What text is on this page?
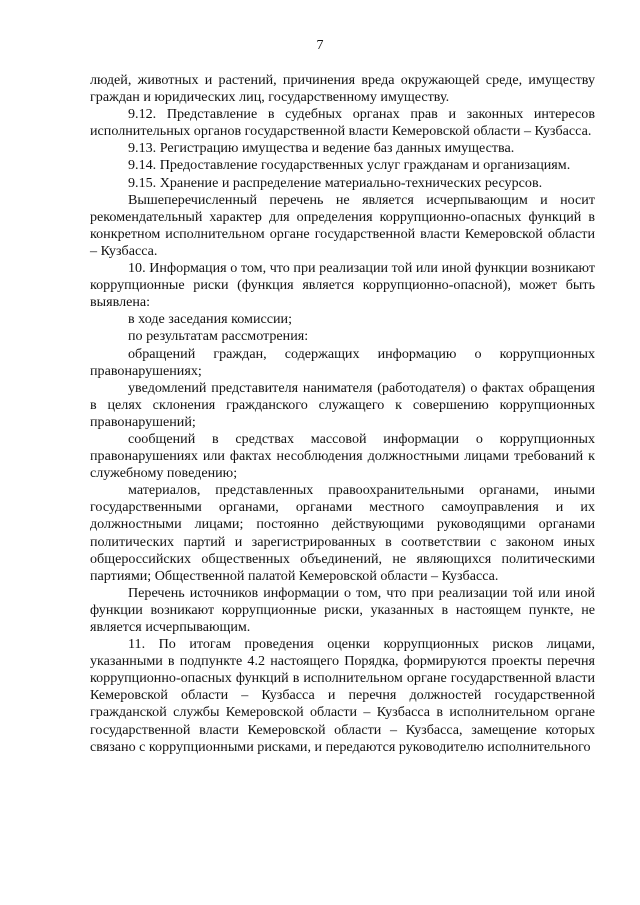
7

людей, животных и растений, причинения вреда окружающей среде, имуществу граждан и юридических лиц, государственному имуществу.

9.12. Представление в судебных органах прав и законных интересов исполнительных органов государственной власти Кемеровской области – Кузбасса.

9.13. Регистрацию имущества и ведение баз данных имущества.

9.14. Предоставление государственных услуг гражданам и организациям.

9.15. Хранение и распределение материально-технических ресурсов.

Вышеперечисленный перечень не является исчерпывающим и носит рекомендательный характер для определения коррупционно-опасных функций в конкретном исполнительном органе государственной власти Кемеровской области – Кузбасса.

10. Информация о том, что при реализации той или иной функции возникают коррупционные риски (функция является коррупционно-опасной), может быть выявлена:

в ходе заседания комиссии;

по результатам рассмотрения:

обращений граждан, содержащих информацию о коррупционных правонарушениях;

уведомлений представителя нанимателя (работодателя) о фактах обращения в целях склонения гражданского служащего к совершению коррупционных правонарушений;

сообщений в средствах массовой информации о коррупционных правонарушениях или фактах несоблюдения должностными лицами требований к служебному поведению;

материалов, представленных правоохранительными органами, иными государственными органами, органами местного самоуправления и их должностными лицами; постоянно действующими руководящими органами политических партий и зарегистрированных в соответствии с законом иных общероссийских общественных объединений, не являющихся политическими партиями; Общественной палатой Кемеровской области – Кузбасса.

Перечень источников информации о том, что при реализации той или иной функции возникают коррупционные риски, указанных в настоящем пункте, не является исчерпывающим.

11. По итогам проведения оценки коррупционных рисков лицами, указанными в подпункте 4.2 настоящего Порядка, формируются проекты перечня коррупционно-опасных функций в исполнительном органе государственной власти Кемеровской области – Кузбасса и перечня должностей государственной гражданской службы Кемеровской области – Кузбасса в исполнительном органе государственной власти Кемеровской области – Кузбасса, замещение которых связано с коррупционными рисками, и передаются руководителю исполнительного
